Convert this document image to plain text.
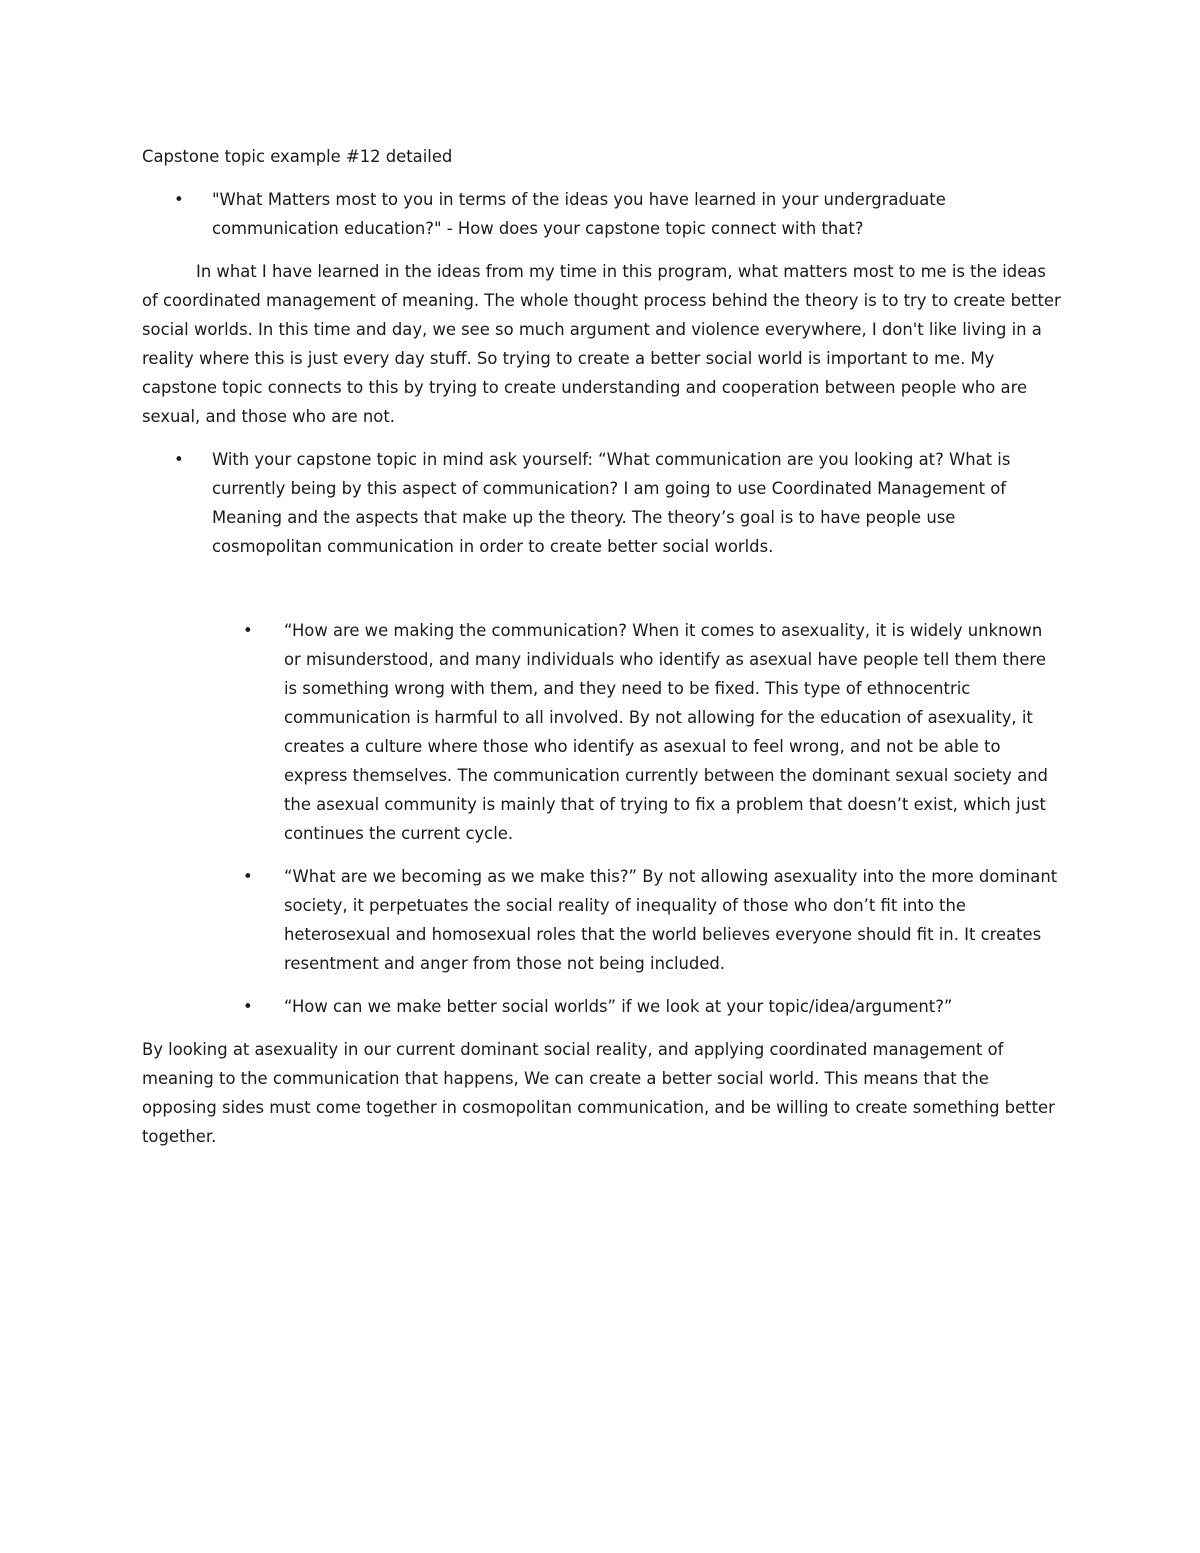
Capstone topic example #12 detailed

• "What Matters most to you in terms of the ideas you have learned in your undergraduate communication education?" - How does your capstone topic connect with that?

In what I have learned in the ideas from my time in this program, what matters most to me is the ideas of coordinated management of meaning. The whole thought process behind the theory is to try to create better social worlds. In this time and day, we see so much argument and violence everywhere, I don't like living in a reality where this is just every day stuff. So trying to create a better social world is important to me. My capstone topic connects to this by trying to create understanding and cooperation between people who are sexual, and those who are not.

• With your capstone topic in mind ask yourself: “What communication are you looking at? What is currently being by this aspect of communication? I am going to use Coordinated Management of Meaning and the aspects that make up the theory. The theory’s goal is to have people use cosmopolitan communication in order to create better social worlds.
• “How are we making the communication? When it comes to asexuality, it is widely unknown or misunderstood, and many individuals who identify as asexual have people tell them there is something wrong with them, and they need to be fixed. This type of ethnocentric communication is harmful to all involved. By not allowing for the education of asexuality, it creates a culture where those who identify as asexual to feel wrong, and not be able to express themselves. The communication currently between the dominant sexual society and the asexual community is mainly that of trying to fix a problem that doesn’t exist, which just continues the current cycle.
• “What are we becoming as we make this?” By not allowing asexuality into the more dominant society, it perpetuates the social reality of inequality of those who don’t fit into the heterosexual and homosexual roles that the world believes everyone should fit in. It creates resentment and anger from those not being included.
• “How can we make better social worlds” if we look at your topic/idea/argument?”

By looking at asexuality in our current dominant social reality, and applying coordinated management of meaning to the communication that happens, We can create a better social world. This means that the opposing sides must come together in cosmopolitan communication, and be willing to create something better together.
